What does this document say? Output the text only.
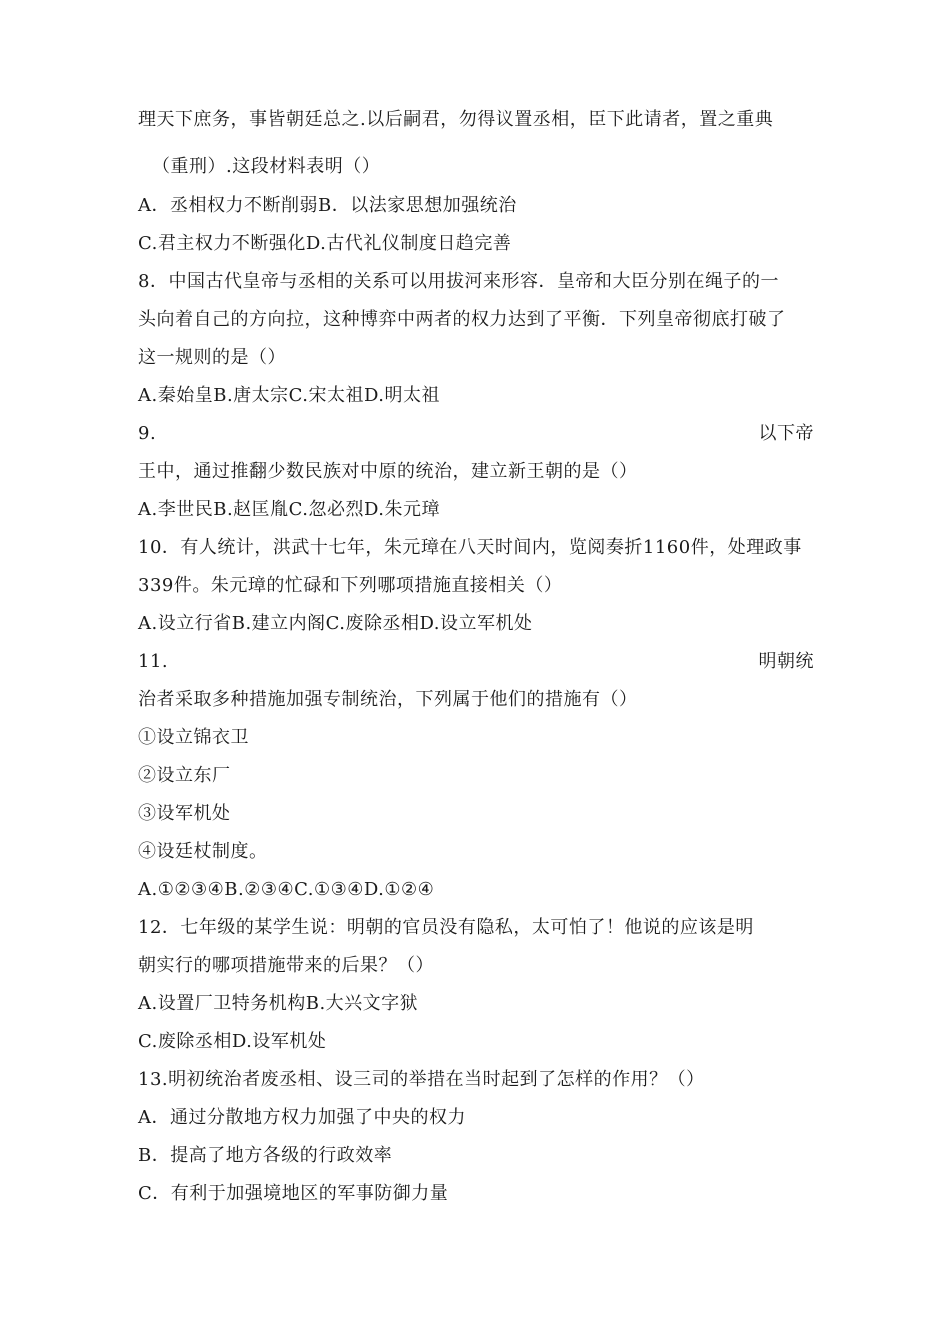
理天下庶务，事皆朝廷总之.以后嗣君，勿得议置丞相，臣下此请者，置之重典
（重刑）.这段材料表明（）
A．丞相权力不断削弱B．以法家思想加强统治
C.君主权力不断强化D.古代礼仪制度日趋完善
8．中国古代皇帝与丞相的关系可以用拔河来形容．皇帝和大臣分别在绳子的一
头向着自己的方向拉，这种博弈中两者的权力达到了平衡．下列皇帝彻底打破了
这一规则的是（）
A.秦始皇B.唐太宗C.宋太祖D.明太祖
9.	以下帝
王中，通过推翻少数民族对中原的统治，建立新王朝的是（）
A.李世民B.赵匡胤C.忽必烈D.朱元璋
10．有人统计，洪武十七年，朱元璋在八天时间内，览阅奏折1160件，处理政事
339件。朱元璋的忙碌和下列哪项措施直接相关（）
A.设立行省B.建立内阁C.废除丞相D.设立军机处
11.	明朝统
治者采取多种措施加强专制统治，下列属于他们的措施有（）
①设立锦衣卫
②设立东厂
③设军机处
④设廷杖制度。
A.①②③④B.②③④C.①③④D.①②④
12．七年级的某学生说：明朝的官员没有隐私，太可怕了！他说的应该是明
朝实行的哪项措施带来的后果？（）
A.设置厂卫特务机构B.大兴文字狱
C.废除丞相D.设军机处
13.明初统治者废丞相、设三司的举措在当时起到了怎样的作用？（）
A．通过分散地方权力加强了中央的权力
B．提高了地方各级的行政效率
C．有利于加强境地区的军事防御力量
